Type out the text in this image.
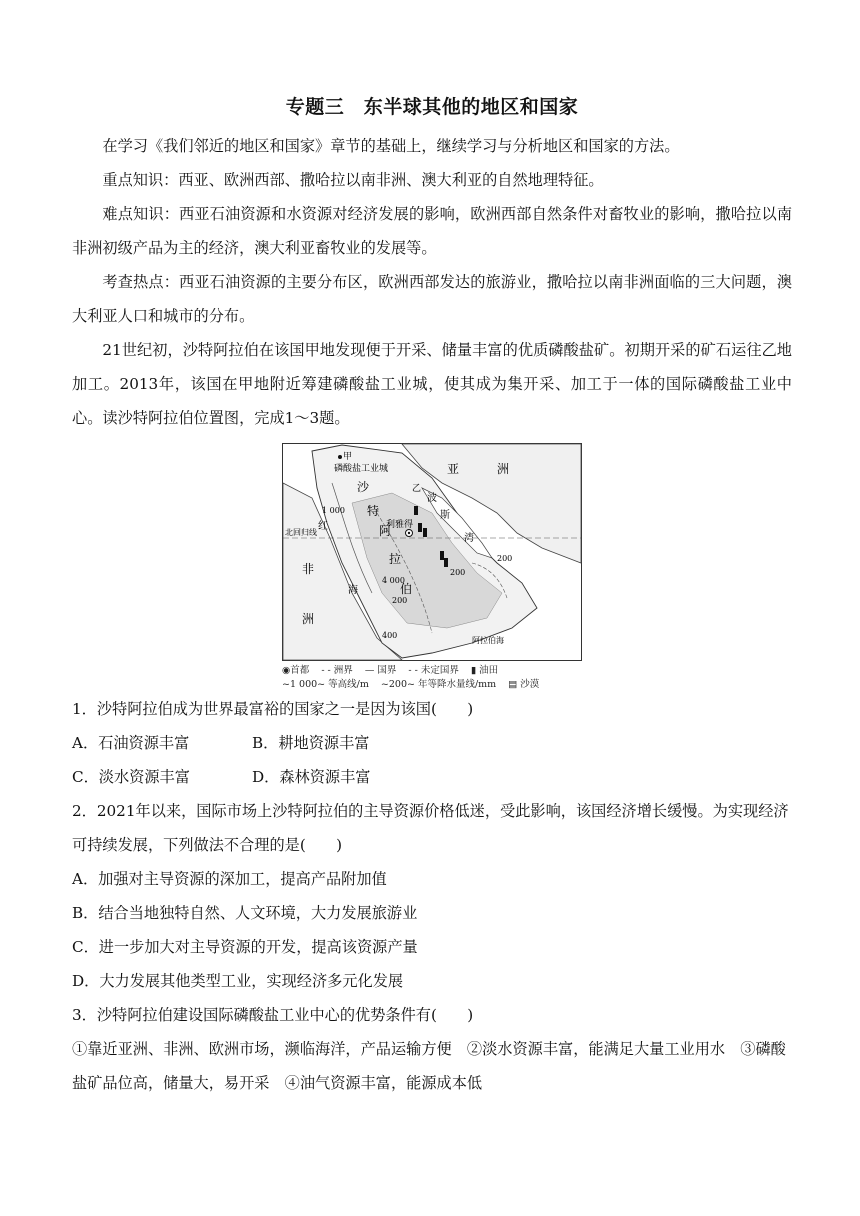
专题三　东半球其他的地区和国家

在学习《我们邻近的地区和国家》章节的基础上，继续学习与分析地区和国家的方法。

重点知识：西亚、欧洲西部、撒哈拉以南非洲、澳大利亚的自然地理特征。

难点知识：西亚石油资源和水资源对经济发展的影响，欧洲西部自然条件对畜牧业的影响，撒哈拉以南非洲初级产品为主的经济，澳大利亚畜牧业的发展等。

考查热点：西亚石油资源的主要分布区，欧洲西部发达的旅游业，撒哈拉以南非洲面临的三大问题，澳大利亚人口和城市的分布。

21世纪初，沙特阿拉伯在该国甲地发现便于开采、储量丰富的优质磷酸盐矿。初期开采的矿石运往乙地加工。2013年，该国在甲地附近筹建磷酸盐工业城，使其成为集开采、加工于一体的国际磷酸盐工业中心。读沙特阿拉伯位置图，完成1～3题。

甲
磷酸盐工业城
乙
亚	洲
沙
特
阿
拉
伯
非
洲
红
海
波
斯
湾
利雅得
北回归线
阿拉伯海
1 000
200
200
4 000
200
400
◉首都 - - 洲界 — 国界 - - 未定国界 ▮ 油田
~1 000~ 等高线/m ~200~ 年等降水量线/mm ▤ 沙漠

1．沙特阿拉伯成为世界最富裕的国家之一是因为该国(　　)

A．石油资源丰富	B．耕地资源丰富
C．淡水资源丰富	D．森林资源丰富

2．2021年以来，国际市场上沙特阿拉伯的主导资源价格低迷，受此影响，该国经济增长缓慢。为实现经济可持续发展，下列做法不合理的是(　　)

A．加强对主导资源的深加工，提高产品附加值

B．结合当地独特自然、人文环境，大力发展旅游业

C．进一步加大对主导资源的开发，提高该资源产量

D．大力发展其他类型工业，实现经济多元化发展

3．沙特阿拉伯建设国际磷酸盐工业中心的优势条件有(　　)

①靠近亚洲、非洲、欧洲市场，濒临海洋，产品运输方便　②淡水资源丰富，能满足大量工业用水　③磷酸盐矿品位高，储量大，易开采　④油气资源丰富，能源成本低
